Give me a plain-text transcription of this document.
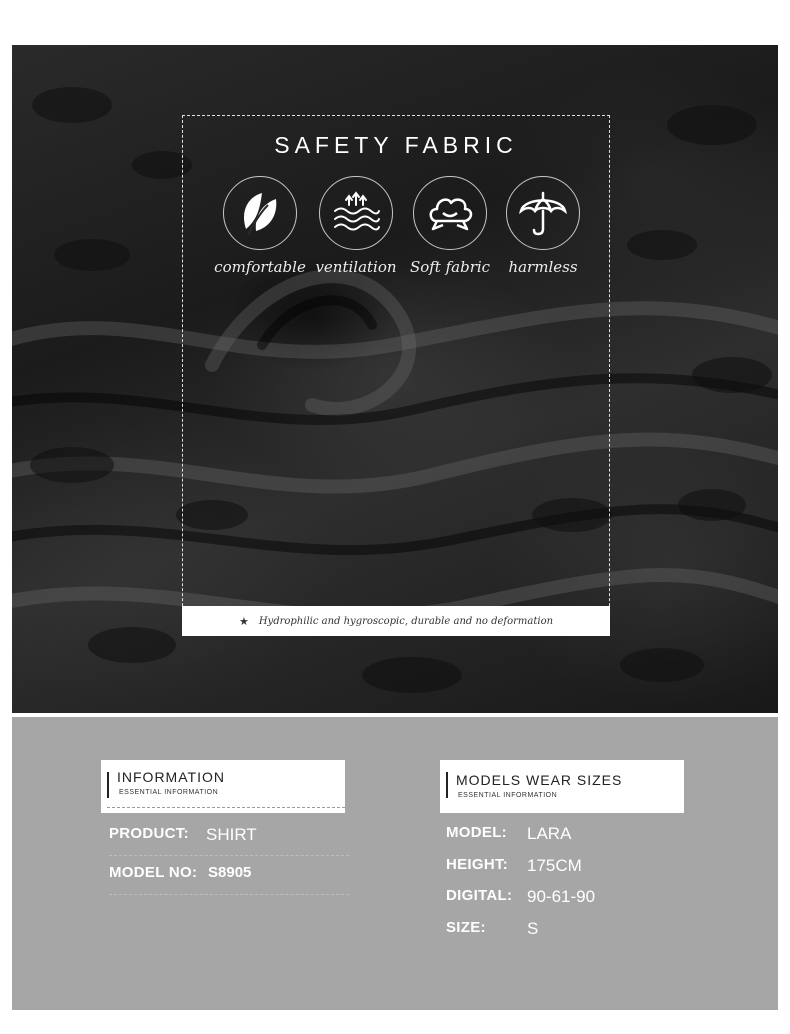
SAFETY FABRIC
comfortable ventilation Soft fabric	harmless
★ Hydrophilic and hygroscopic, durable and no deformation
INFORMATION
ESSENTIAL INFORMATION
PRODUCT: SHIRT
MODEL NO: S8905
MODELS WEAR SIZES
ESSENTIAL INFORMATION
MODEL: LARA
HEIGHT: 175CM
DIGITAL: 90-61-90
SIZE: S
